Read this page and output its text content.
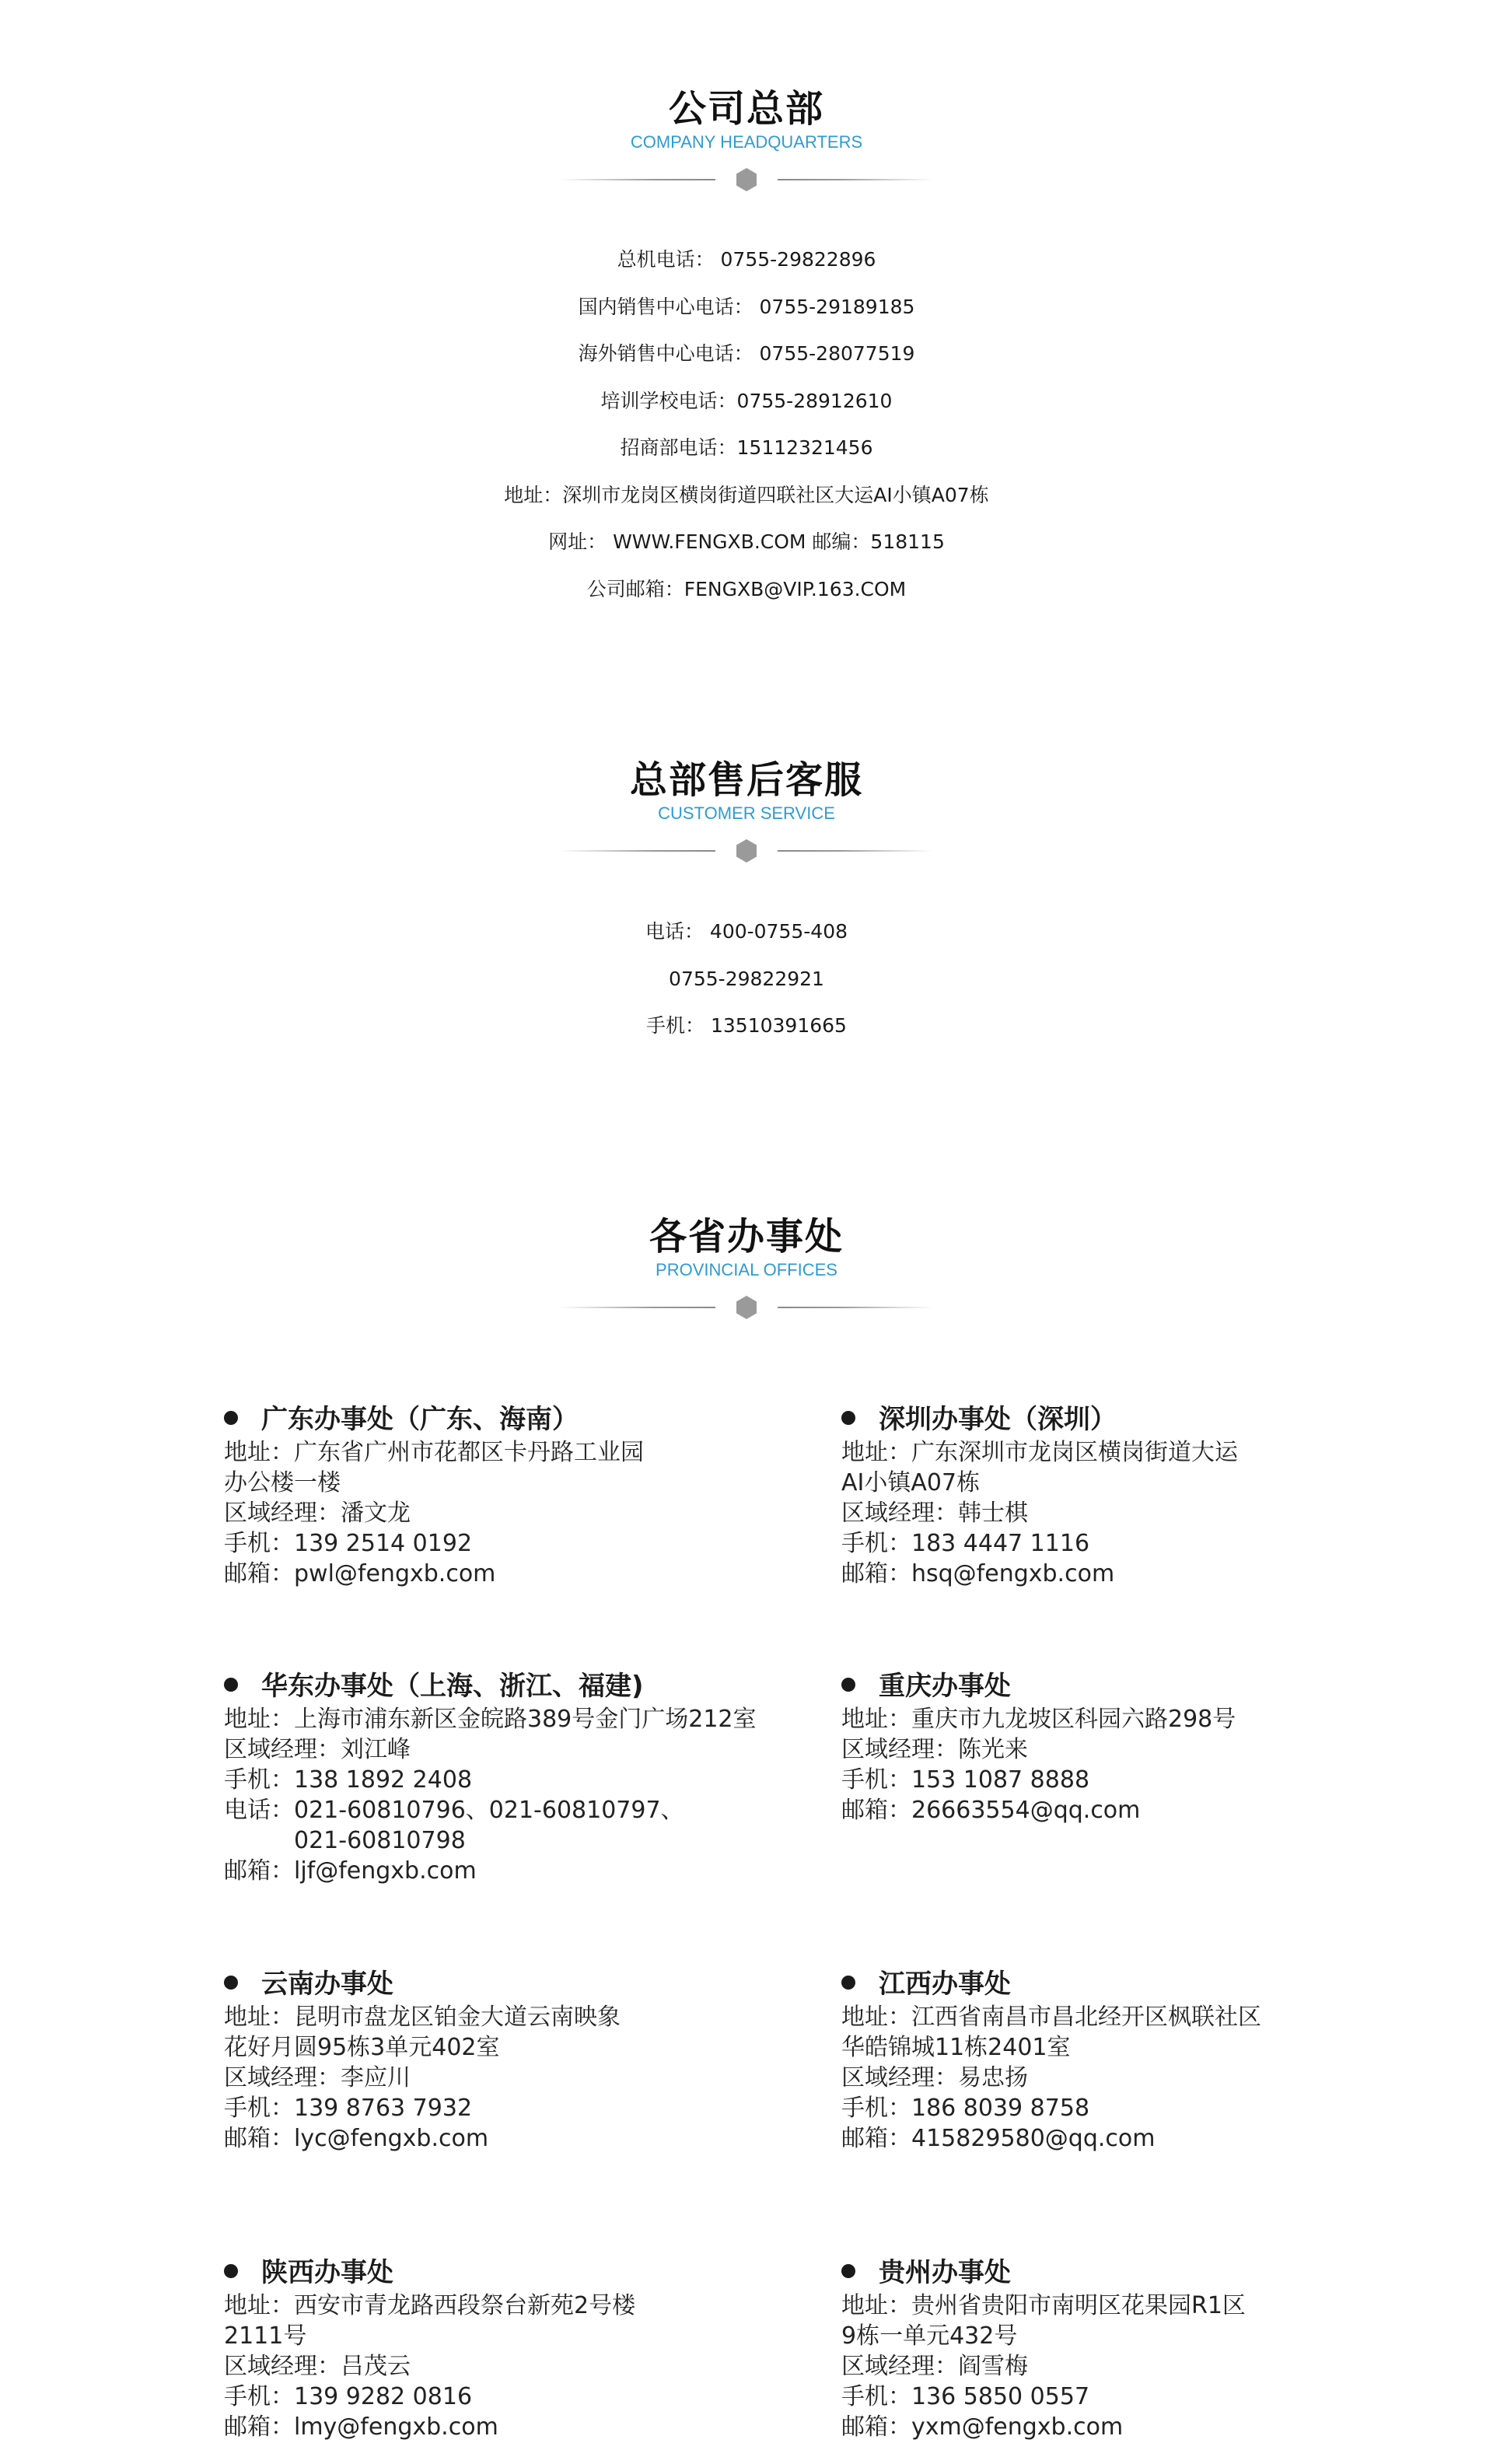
公司总部
COMPANY HEADQUARTERS
总机电话： 0755-29822896
国内销售中心电话： 0755-29189185
海外销售中心电话： 0755-28077519
培训学校电话：0755-28912610
招商部电话：15112321456
地址：深圳市龙岗区横岗街道四联社区大运AI小镇A07栋
网址： WWW.FENGXB.COM 邮编：518115
公司邮箱：FENGXB@VIP.163.COM
总部售后客服
CUSTOMER SERVICE
电话： 400-0755-408
0755-29822921
手机： 13510391665
各省办事处
PROVINCIAL OFFICES
广东办事处（广东、海南）
地址：广东省广州市花都区卡丹路工业园
办公楼一楼
区域经理：潘文龙
手机：139 2514 0192
邮箱：pwl@fengxb.com
深圳办事处（深圳）
地址：广东深圳市龙岗区横岗街道大运
AI小镇A07栋
区域经理：韩士棋
手机：183 4447 1116
邮箱：hsq@fengxb.com
华东办事处（上海、浙江、福建)
地址：上海市浦东新区金皖路389号金门广场212室
区域经理：刘江峰
手机：138 1892 2408
电话：021-60810796、021-60810797、
021-60810798
邮箱：ljf@fengxb.com
重庆办事处
地址：重庆市九龙坡区科园六路298号
区域经理：陈光来
手机：153 1087 8888
邮箱：26663554@qq.com
云南办事处
地址：昆明市盘龙区铂金大道云南映象
花好月圆95栋3单元402室
区域经理：李应川
手机：139 8763 7932
邮箱：lyc@fengxb.com
江西办事处
地址：江西省南昌市昌北经开区枫联社区
华皓锦城11栋2401室
区域经理：易忠扬
手机：186 8039 8758
邮箱：415829580@qq.com
陕西办事处
地址：西安市青龙路西段祭台新苑2号楼
2111号
区域经理：吕茂云
手机：139 9282 0816
邮箱：lmy@fengxb.com
贵州办事处
地址：贵州省贵阳市南明区花果园R1区
9栋一单元432号
区域经理：阎雪梅
手机：136 5850 0557
邮箱：yxm@fengxb.com
